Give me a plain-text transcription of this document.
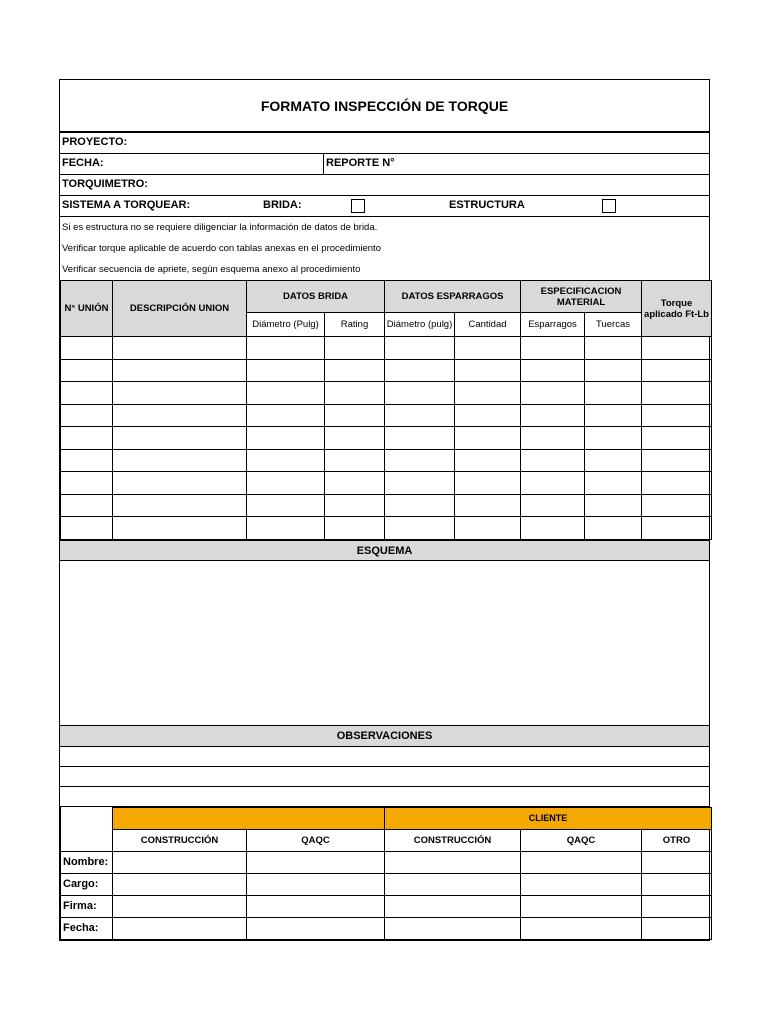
FORMATO INSPECCIÓN DE TORQUE
PROYECTO:
FECHA:	REPORTE N°
TORQUIMETRO:
SISTEMA A TORQUEAR:	BRIDA:	ESTRUCTURA
Si es estructura no se requiere diligenciar la información de datos de brida.
Verificar torque aplicable de acuerdo con tablas anexas en el procedimiento
Verificar secuencia de apriete, según esquema anexo al procedimiento
N° UNIÓN	DESCRIPCIÓN UNION	DATOS BRIDA		DATOS ESPARRAGOS		ESPECIFICACION MATERIAL		Torque aplicado Ft-Lb
		Diámetro (Pulg)	Rating	Diámetro (pulg)	Cantidad	Esparragos	Tuercas	

ESQUEMA
OBSERVACIONES
			CLIENTE		
	CONSTRUCCIÓN	QAQC	CONSTRUCCIÓN	QAQC	OTRO
Nombre:					
Cargo:					
Firma:					
Fecha:					
